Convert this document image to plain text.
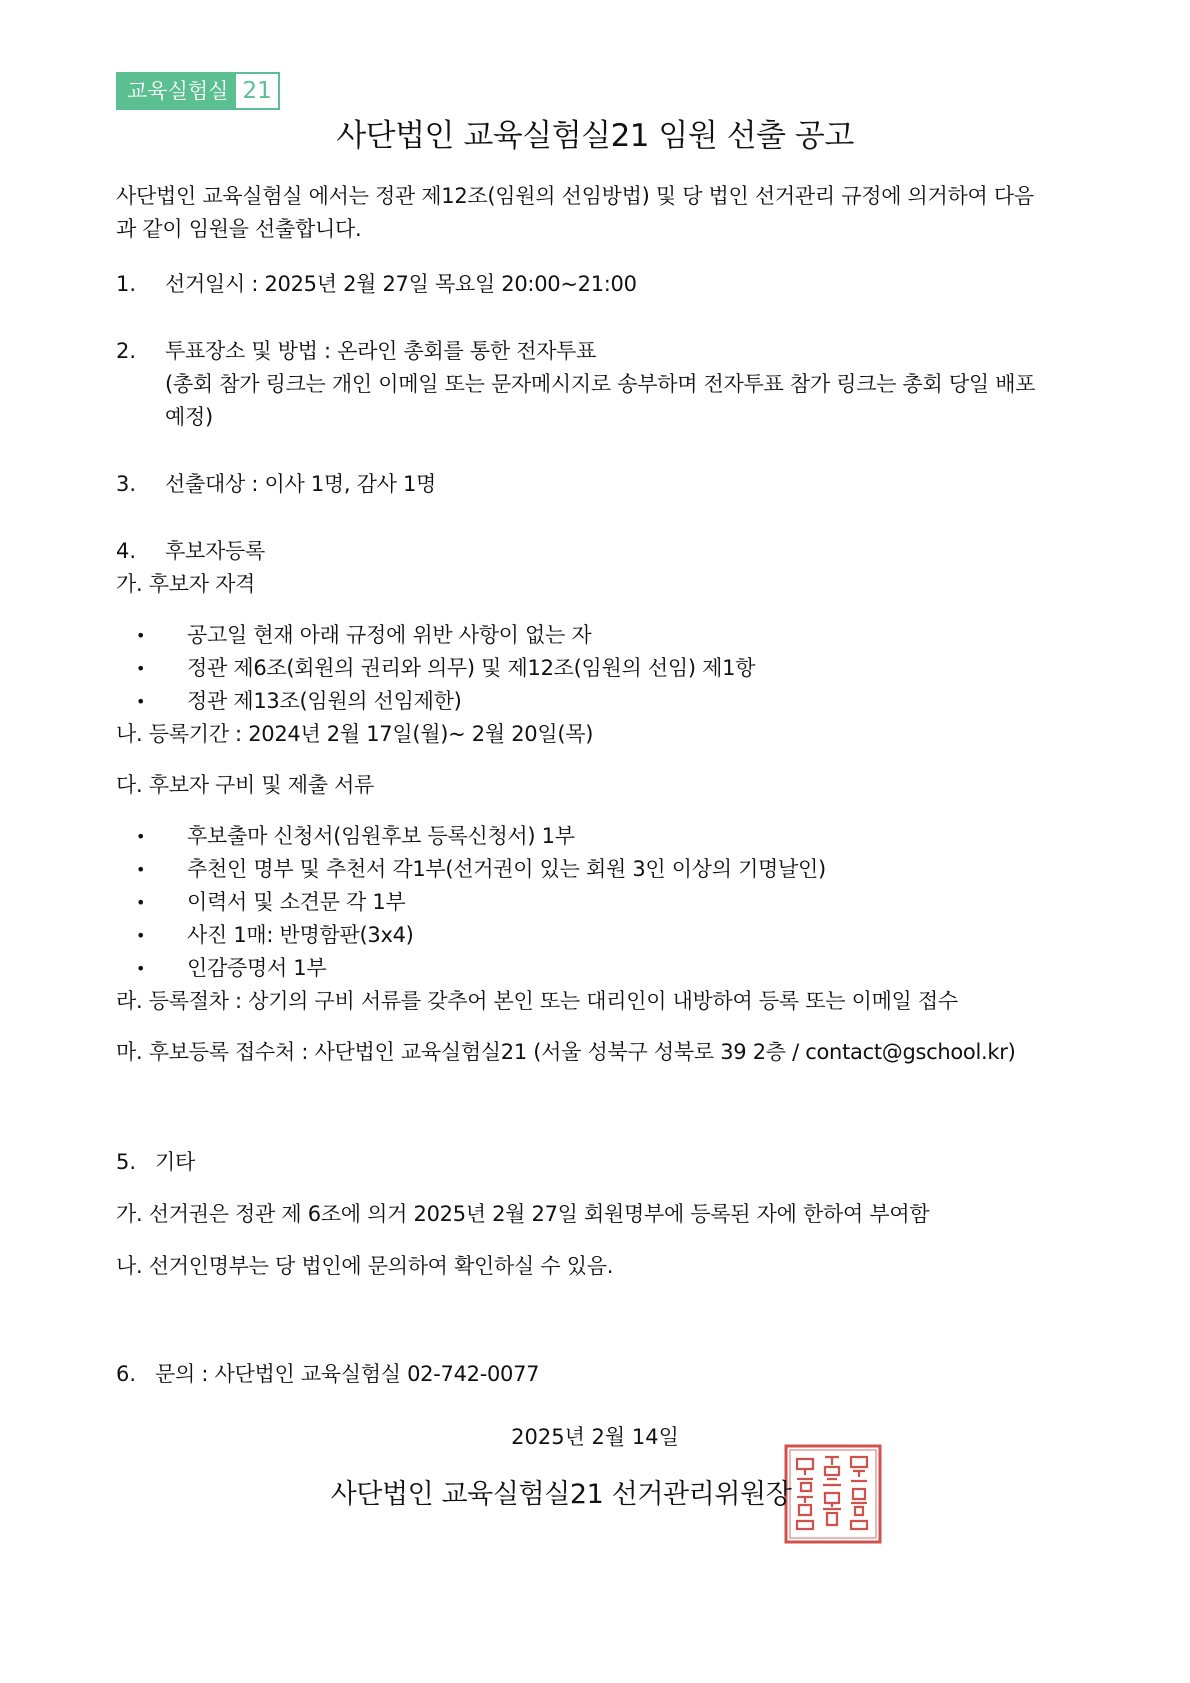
교육실험실 21
사단법인 교육실험실21 임원 선출 공고
사단법인 교육실험실 에서는 정관 제12조(임원의 선임방법) 및 당 법인 선거관리 규정에 의거하여 다음
과 같이 임원을 선출합니다.
1. 선거일시 : 2025년 2월 27일 목요일 20:00~21:00
2. 투표장소 및 방법 : 온라인 총회를 통한 전자투표
(총회 참가 링크는 개인 이메일 또는 문자메시지로 송부하며 전자투표 참가 링크는 총회 당일 배포
예정)
3. 선출대상 : 이사 1명, 감사 1명
4. 후보자등록
가. 후보자 자격
• 공고일 현재 아래 규정에 위반 사항이 없는 자
• 정관 제6조(회원의 권리와 의무) 및 제12조(임원의 선임) 제1항
• 정관 제13조(임원의 선임제한)
나. 등록기간 : 2024년 2월 17일(월)~ 2월 20일(목)
다. 후보자 구비 및 제출 서류
• 후보출마 신청서(임원후보 등록신청서) 1부
• 추천인 명부 및 추천서 각1부(선거권이 있는 회원 3인 이상의 기명날인)
• 이력서 및 소견문 각 1부
• 사진 1매: 반명함판(3x4)
• 인감증명서 1부
라. 등록절차 : 상기의 구비 서류를 갖추어 본인 또는 대리인이 내방하여 등록 또는 이메일 접수
마. 후보등록 접수처 : 사단법인 교육실험실21 (서울 성북구 성북로 39 2층 / contact@gschool.kr)
5. 기타
가. 선거권은 정관 제 6조에 의거 2025년 2월 27일 회원명부에 등록된 자에 한하여 부여함
나. 선거인명부는 당 법인에 문의하여 확인하실 수 있음.
6. 문의 : 사단법인 교육실험실 02-742-0077
2025년 2월 14일
사단법인 교육실험실21 선거관리위원장
